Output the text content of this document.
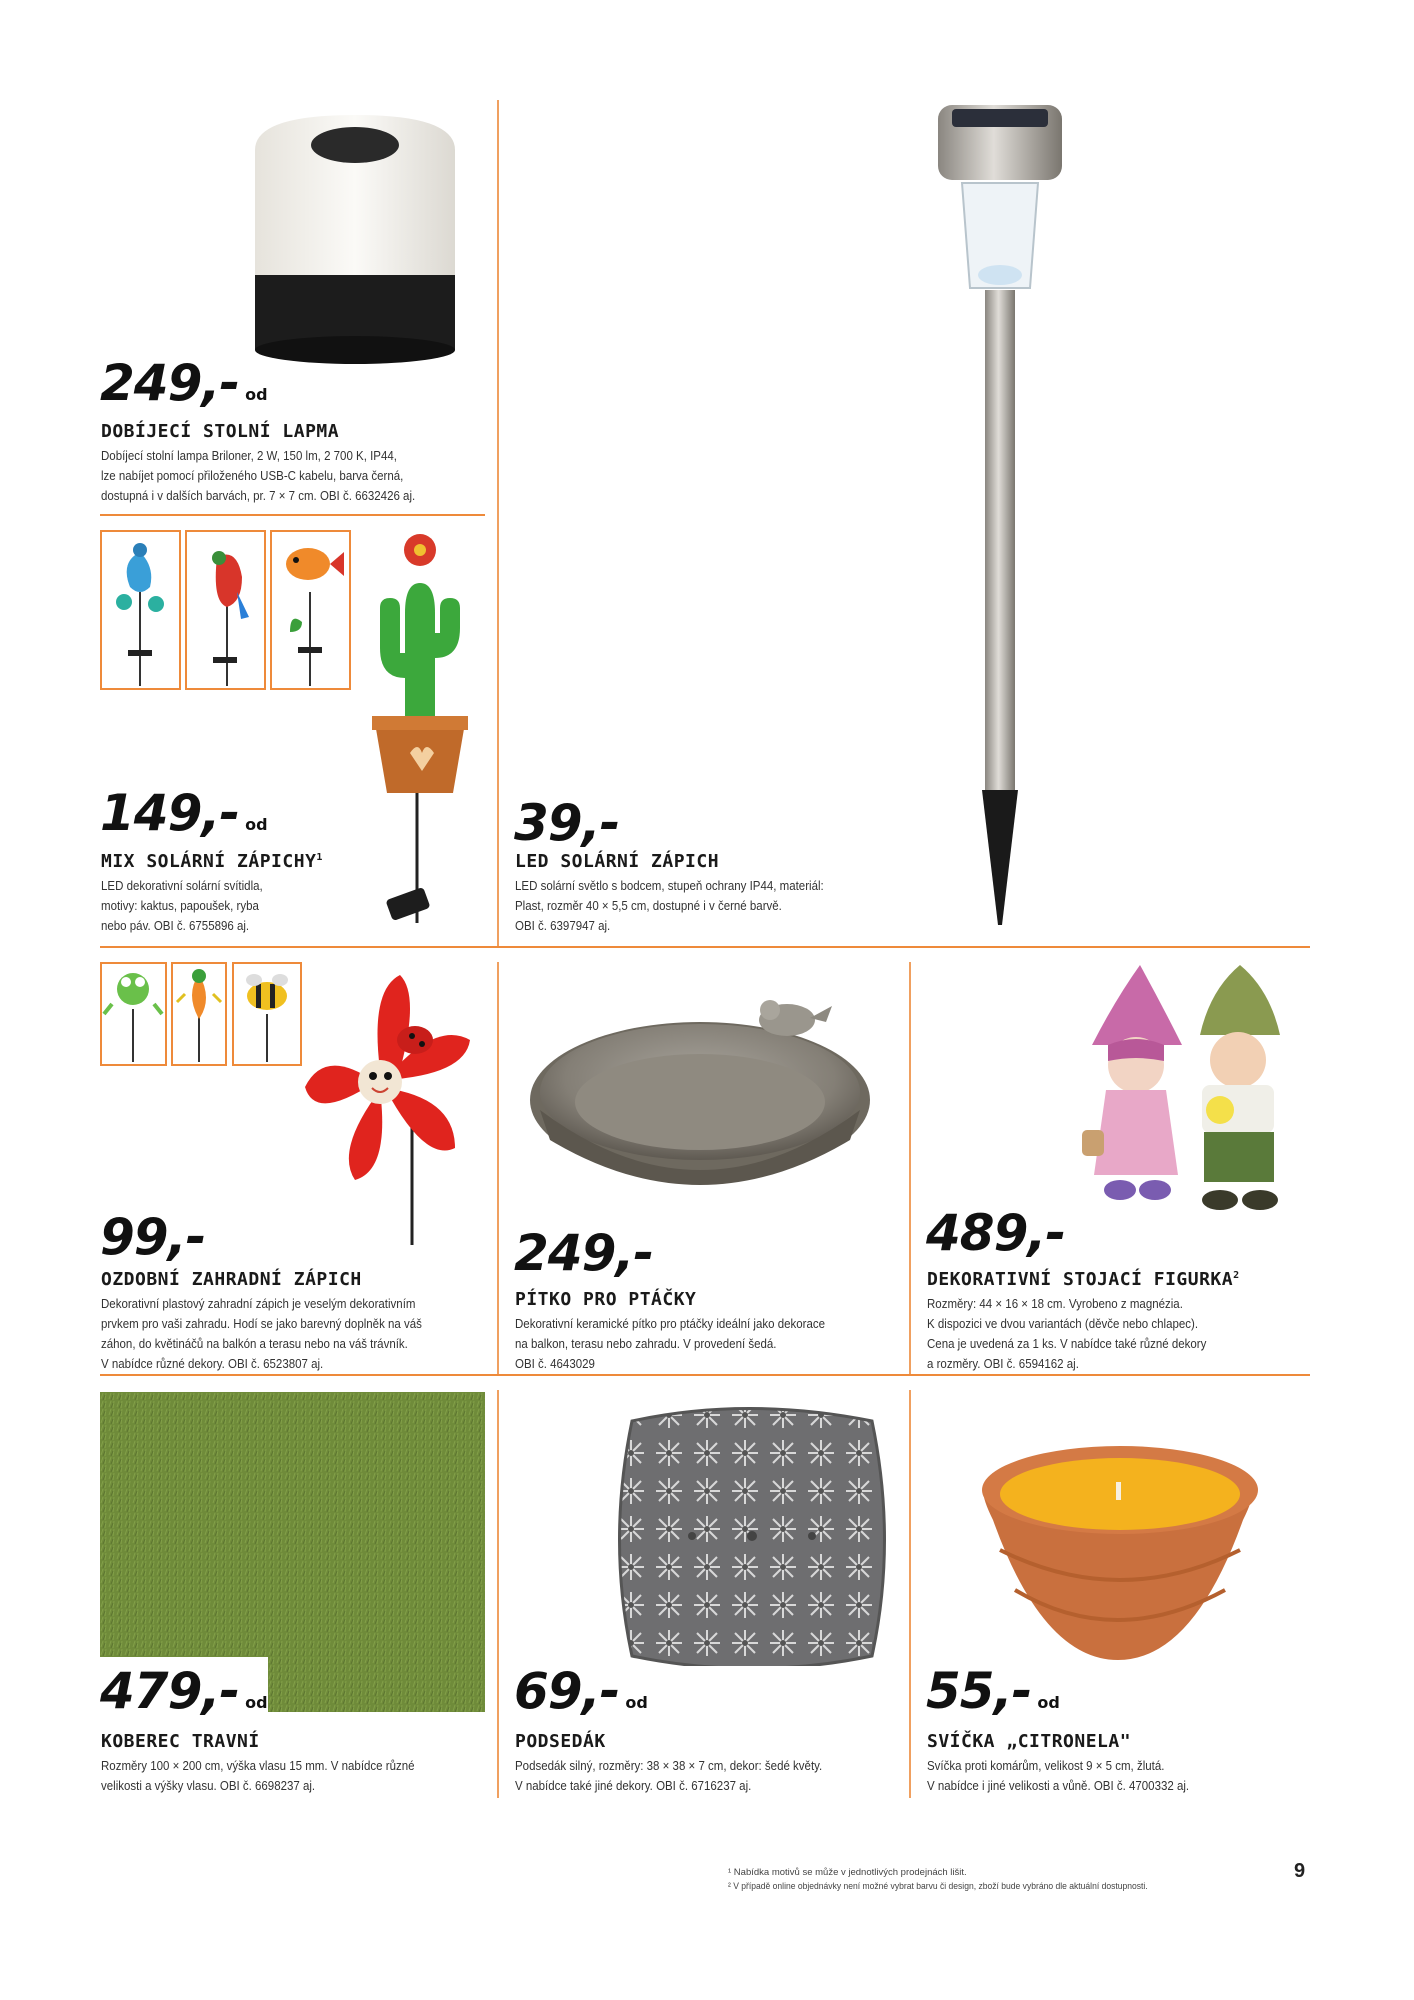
249,- od
DOBÍJECÍ STOLNÍ LAPMA
Dobíjecí stolní lampa Briloner, 2 W, 150 lm, 2 700 K, IP44,
lze nabíjet pomocí přiloženého USB-C kabelu, barva černá,
dostupná i v dalších barvách, pr. 7 × 7 cm. OBI č. 6632426 aj.
149,- od
MIX SOLÁRNÍ ZÁPICHY$^1$
LED dekorativní solární svítidla,
motivy: kaktus, papoušek, ryba
nebo páv. OBI č. 6755896 aj.
39,-
LED SOLÁRNÍ ZÁPICH
LED solární světlo s bodcem, stupeň ochrany IP44, materiál:
Plast, rozměr 40 × 5,5 cm, dostupné i v černé barvě.
OBI č. 6397947 aj.
99,-
OZDOBNÍ ZAHRADNÍ ZÁPICH
Dekorativní plastový zahradní zápich je veselým dekorativním
prvkem pro vaši zahradu. Hodí se jako barevný doplněk na váš
záhon, do květináčů na balkón a terasu nebo na váš trávník.
V nabídce různé dekory. OBI č. 6523807 aj.
249,-
PÍTKO PRO PTÁČKY
Dekorativní keramické pítko pro ptáčky ideální jako dekorace
na balkon, terasu nebo zahradu. V provedení šedá.
OBI č. 4643029
489,-
DEKORATIVNÍ STOJACÍ FIGURKA$^2$
Rozměry: 44 × 16 × 18 cm. Vyrobeno z magnézia.
K dispozici ve dvou variantách (děvče nebo chlapec).
Cena je uvedená za 1 ks. V nabídce také různé dekory
a rozměry. OBI č. 6594162 aj.
479,- od
KOBEREC TRAVNÍ
Rozměry 100 × 200 cm, výška vlasu 15 mm. V nabídce různé
velikosti a výšky vlasu. OBI č. 6698237 aj.
69,- od
PODSEDÁK
Podsedák silný, rozměry: 38 × 38 × 7 cm, dekor: šedé květy.
V nabídce také jiné dekory. OBI č. 6716237 aj.
55,- od
SVÍČKA „CITRONELA"
Svíčka proti komárům, velikost 9 × 5 cm, žlutá.
V nabídce i jiné velikosti a vůně. OBI č. 4700332 aj.
¹ Nabídka motivů se může v jednotlivých prodejnách lišit.
² V případě online objednávky není možné vybrat barvu či design, zboží bude vybráno dle aktuální dostupnosti.
9
